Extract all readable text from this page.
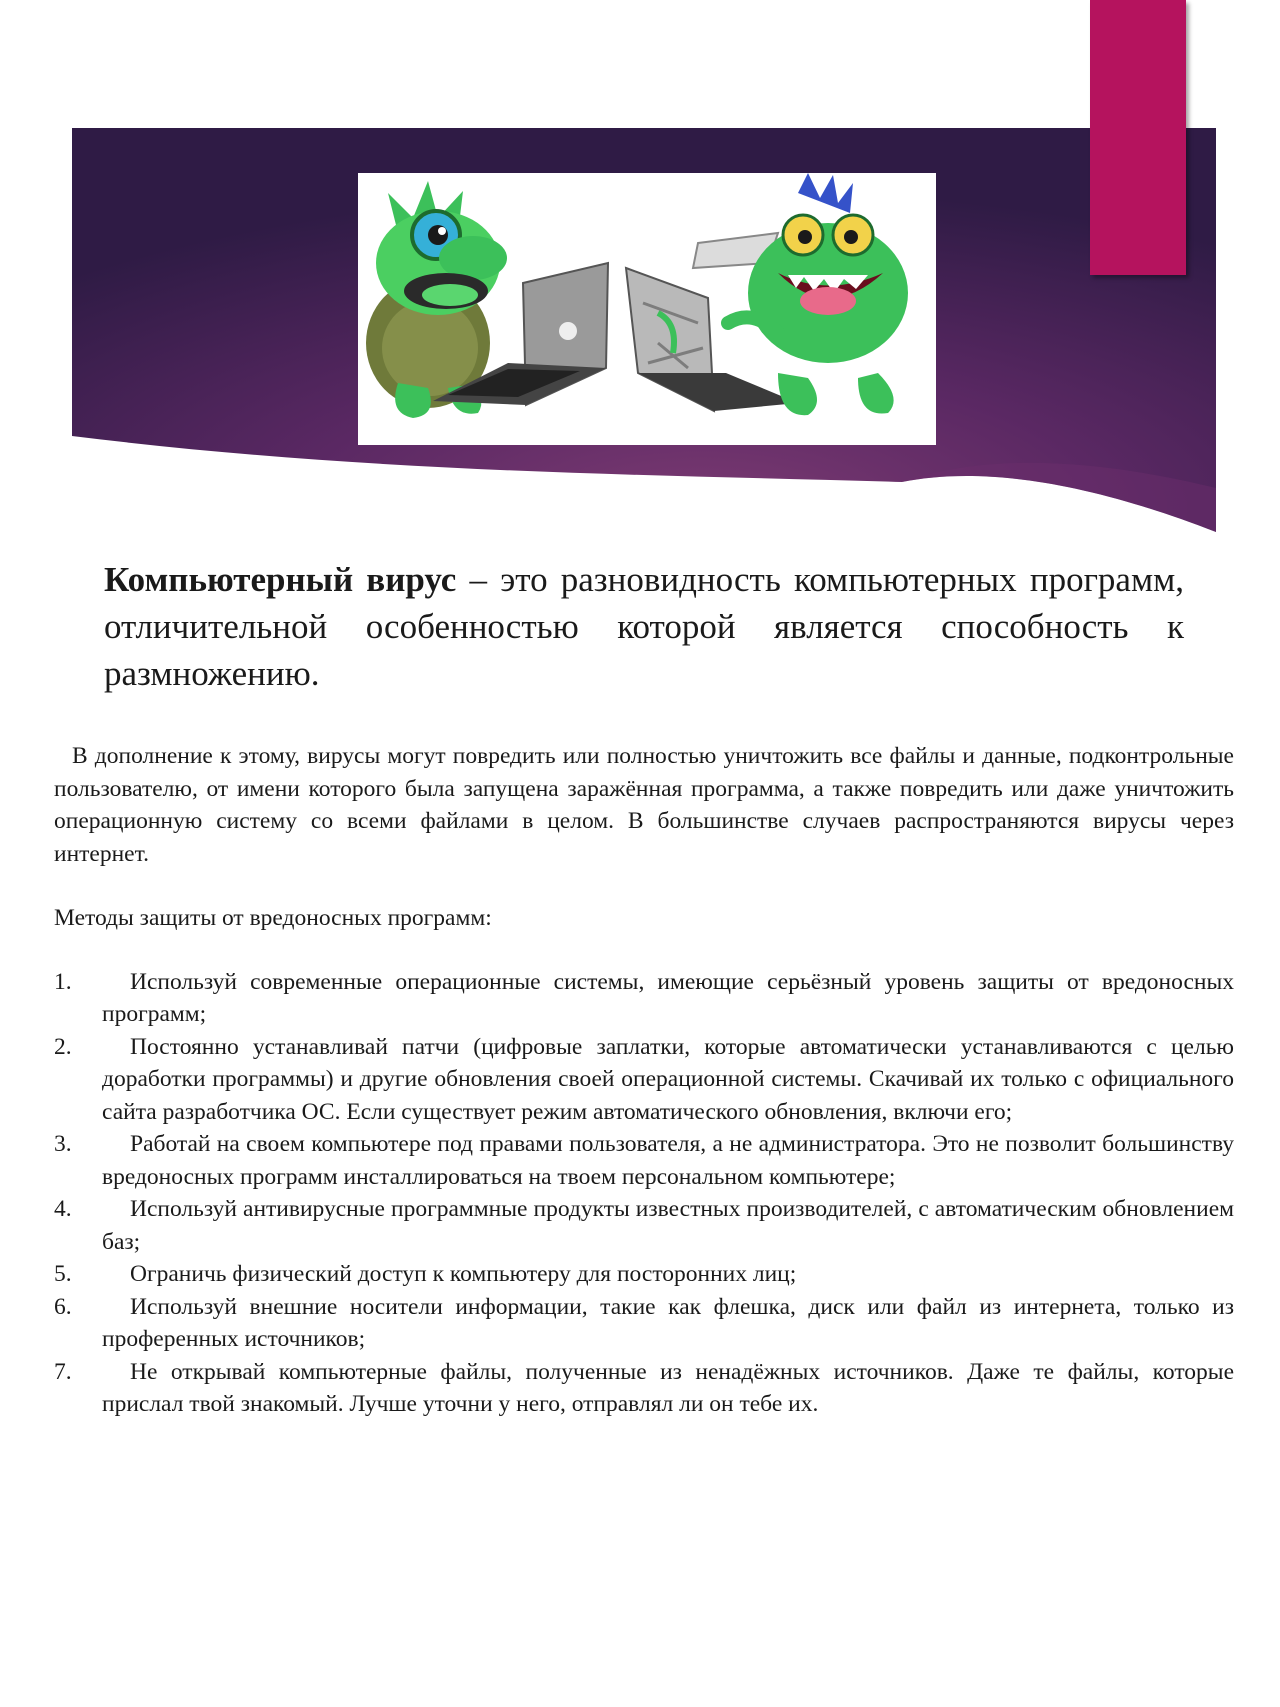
Компьютерный вирус – это разновидность компьютерных программ, отличительной особенностью которой является способность к размножению.

В дополнение к этому, вирусы могут повредить или полностью уничтожить все файлы и данные, подконтрольные пользователю, от имени которого была запущена заражённая программа, а также повредить или даже уничтожить операционную систему со всеми файлами в целом. В большинстве случаев распространяются вирусы через интернет.

Методы защиты от вредоносных программ:

1.	Используй современные операционные системы, имеющие серьёзный уровень защиты от вредоносных программ;
2.	Постоянно устанавливай патчи (цифровые заплатки, которые автоматически устанавливаются с целью доработки программы) и другие обновления своей операционной системы. Скачивай их только с официального сайта разработчика ОС. Если существует режим автоматического обновления, включи его;
3.	Работай на своем компьютере под правами пользователя, а не администратора. Это не позволит большинству вредоносных программ инсталлироваться на твоем персональном компьютере;
4.	Используй антивирусные программные продукты известных производителей, с автоматическим обновлением баз;
5.	Ограничь физический доступ к компьютеру для посторонних лиц;
6.	Используй внешние носители информации, такие как флешка, диск или файл из интернета, только из проференных источников;
7.	Не открывай компьютерные файлы, полученные из ненадёжных источников. Даже те файлы, которые прислал твой знакомый. Лучше уточни у него, отправлял ли он тебе их.
